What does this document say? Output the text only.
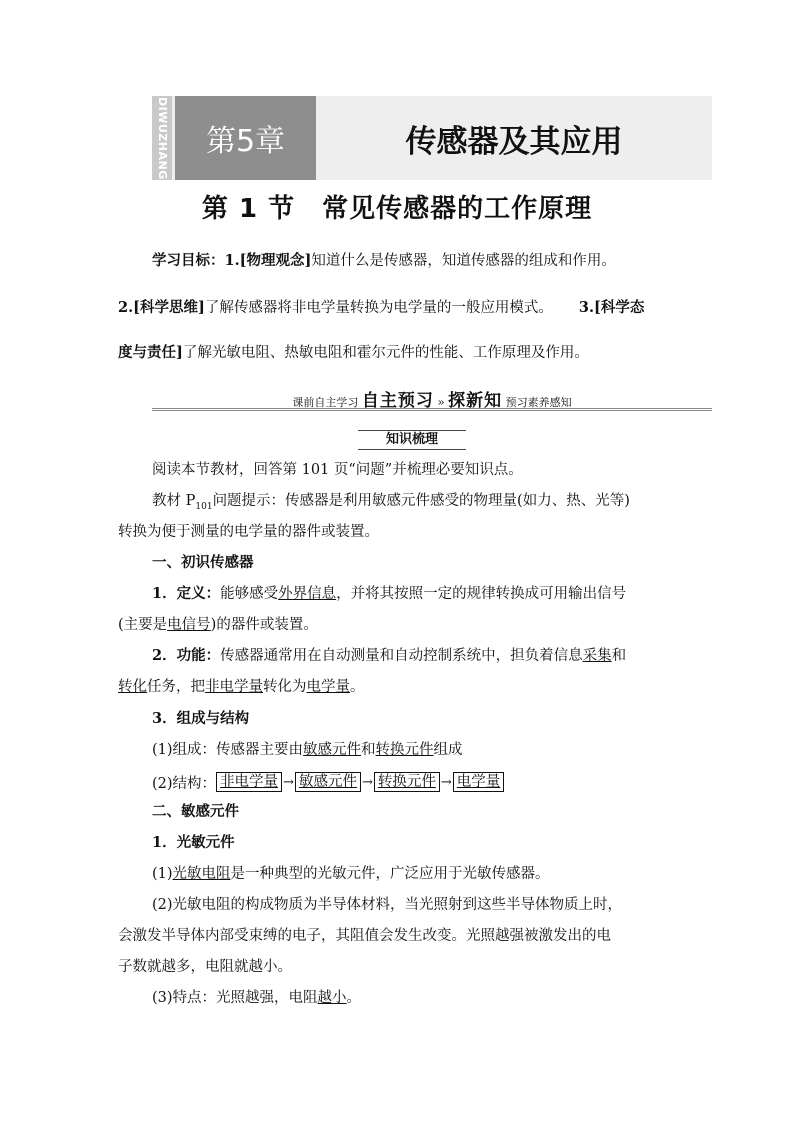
DIWUZHANG	第5章	传感器及其应用
第 1 节　常见传感器的工作原理
学习目标：1.[物理观念]知道什么是传感器，知道传感器的组成和作用。
2.[科学思维]了解传感器将非电学量转换为电学量的一般应用模式。 3.[科学态
度与责任]了解光敏电阻、热敏电阻和霍尔元件的性能、工作原理及作用。
课前自主学习 自主预习 » 探新知 预习素养感知
知识梳理
阅读本节教材，回答第 101 页“问题”并梳理必要知识点。
教材 $P_{101}$问题提示：传感器是利用敏感元件感受的物理量(如力、热、光等)
转换为便于测量的电学量的器件或装置。
一、初识传感器
1．定义：能够感受外界信息，并将其按照一定的规律转换成可用输出信号
(主要是电信号)的器件或装置。
2．功能：传感器通常用在自动测量和自动控制系统中，担负着信息采集和
转化任务，把非电学量转化为电学量。
3．组成与结构
(1)组成：传感器主要由敏感元件和转换元件组成
(2)结构： 非电学量 → 敏感元件 → 转换元件 → 电学量
二、敏感元件
1．光敏元件
(1)光敏电阻是一种典型的光敏元件，广泛应用于光敏传感器。
(2)光敏电阻的构成物质为半导体材料，当光照射到这些半导体物质上时，
会激发半导体内部受束缚的电子，其阻值会发生改变。光照越强被激发出的电
子数就越多，电阻就越小。
(3)特点：光照越强，电阻越小。
